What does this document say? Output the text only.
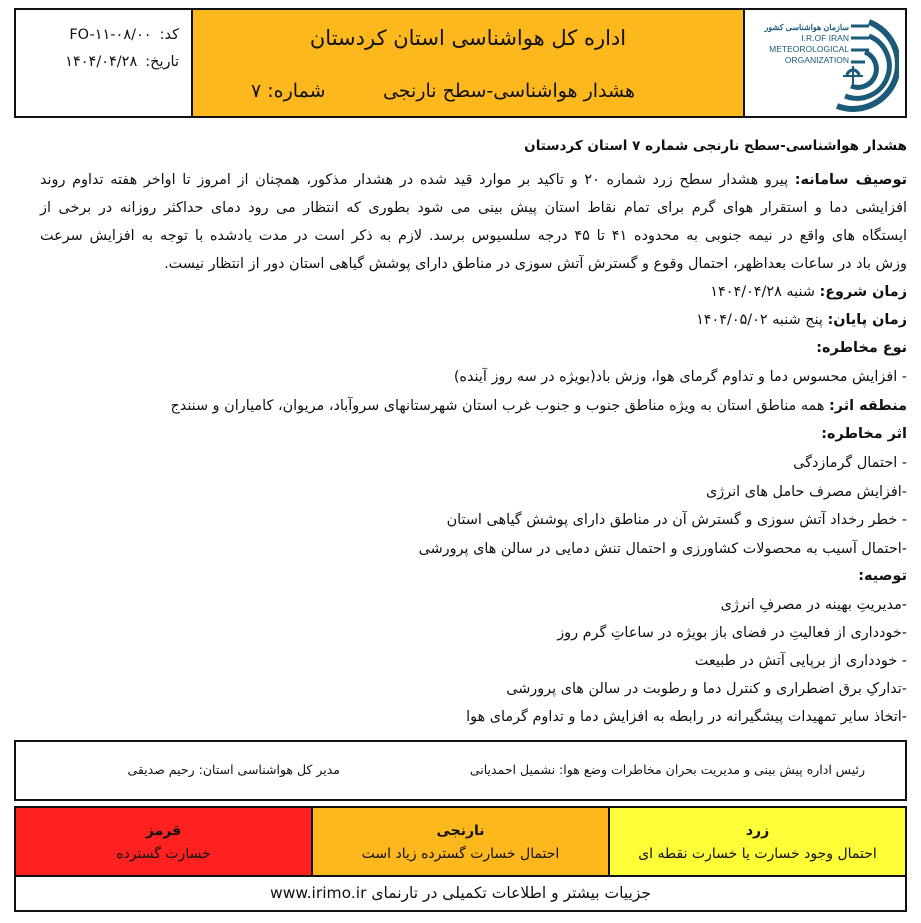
کد:
FO-۱۱-۰۸/۰۰
تاریخ:
۱۴۰۴/۰۴/۲۸
اداره کل هواشناسی استان کردستان
هشدار هواشناسی-سطح نارنجی
شماره: ۷
سازمان هواشناسی کشور
I.R.OF IRAN
METEOROLOGICAL
ORGANIZATION
هشدار هواشناسی-سطح نارنجی شماره ۷ استان کردستان
توصیف سامانه: پیرو هشدار سطح زرد شماره ۲۰ و تاکید بر موارد قید شده در هشدار مذکور، همچنان از امروز تا اواخر هفته تداوم روند
افزایشی دما و استقرار هوای گرم برای تمام نقاط استان پیش بینی می شود بطوری که انتظار می رود دمای حداکثر روزانه در برخی از
ایستگاه های واقع در نیمه جنوبی به محدوده ۴۱ تا ۴۵ درجه سلسیوس برسد. لازم به ذکر است در مدت یادشده با توجه به افزایش سرعت
وزش باد در ساعات بعداظهر، احتمال وقوع و گسترش آتش سوزی در مناطق دارای پوشش گیاهی استان دور از انتظار نیست.
زمان شروع: شنبه ۱۴۰۴/۰۴/۲۸
زمان پایان: پنج شنبه ۱۴۰۴/۰۵/۰۲
نوع مخاطره:
- افزایش محسوس دما و تداوم گرمای هوا، وزش باد(بویژه در سه روز آینده)
منطقه اثر: همه مناطق استان به ویژه مناطق جنوب و جنوب غرب استان شهرستانهای سروآباد، مریوان، کامیاران و سنندج
اثر مخاطره:
- احتمال گرمازدگی
-افزایش مصرف حامل های انرژی
- خطر رخداد آتش سوزی و گسترش آن در مناطق دارای پوشش گیاهی استان
-احتمال آسیب به محصولات کشاورزی و احتمال تنش دمایی در سالن های پرورشی
توصیه:
-مدیریتِ بهینه در مصرفِ انرژی
-خودداری از فعالیتِ در فضای باز بویژه در ساعاتِ گرم روز
- خودداری از برپایی آتش در طبیعت
-تدارکِ برق اضطراری و کنترل دما و رطوبت در سالن های پرورشی
-اتخاذ سایر تمهیدات پیشگیرانه در رابطه به افزایش دما و تداوم گرمای هوا
رئیس اداره پیش بینی و مدیریت بحران مخاطرات وضع هوا: نشمیل احمدیانی
مدیر کل هواشناسی استان: رحیم صدیقی
قرمز
خسارت گسترده
نارنجی
احتمال خسارت گسترده زیاد است
زرد
احتمال وجود خسارت یا خسارت نقطه ای
جزییات بیشتر و اطلاعات تکمیلی در تارنمای www.irimo.ir
